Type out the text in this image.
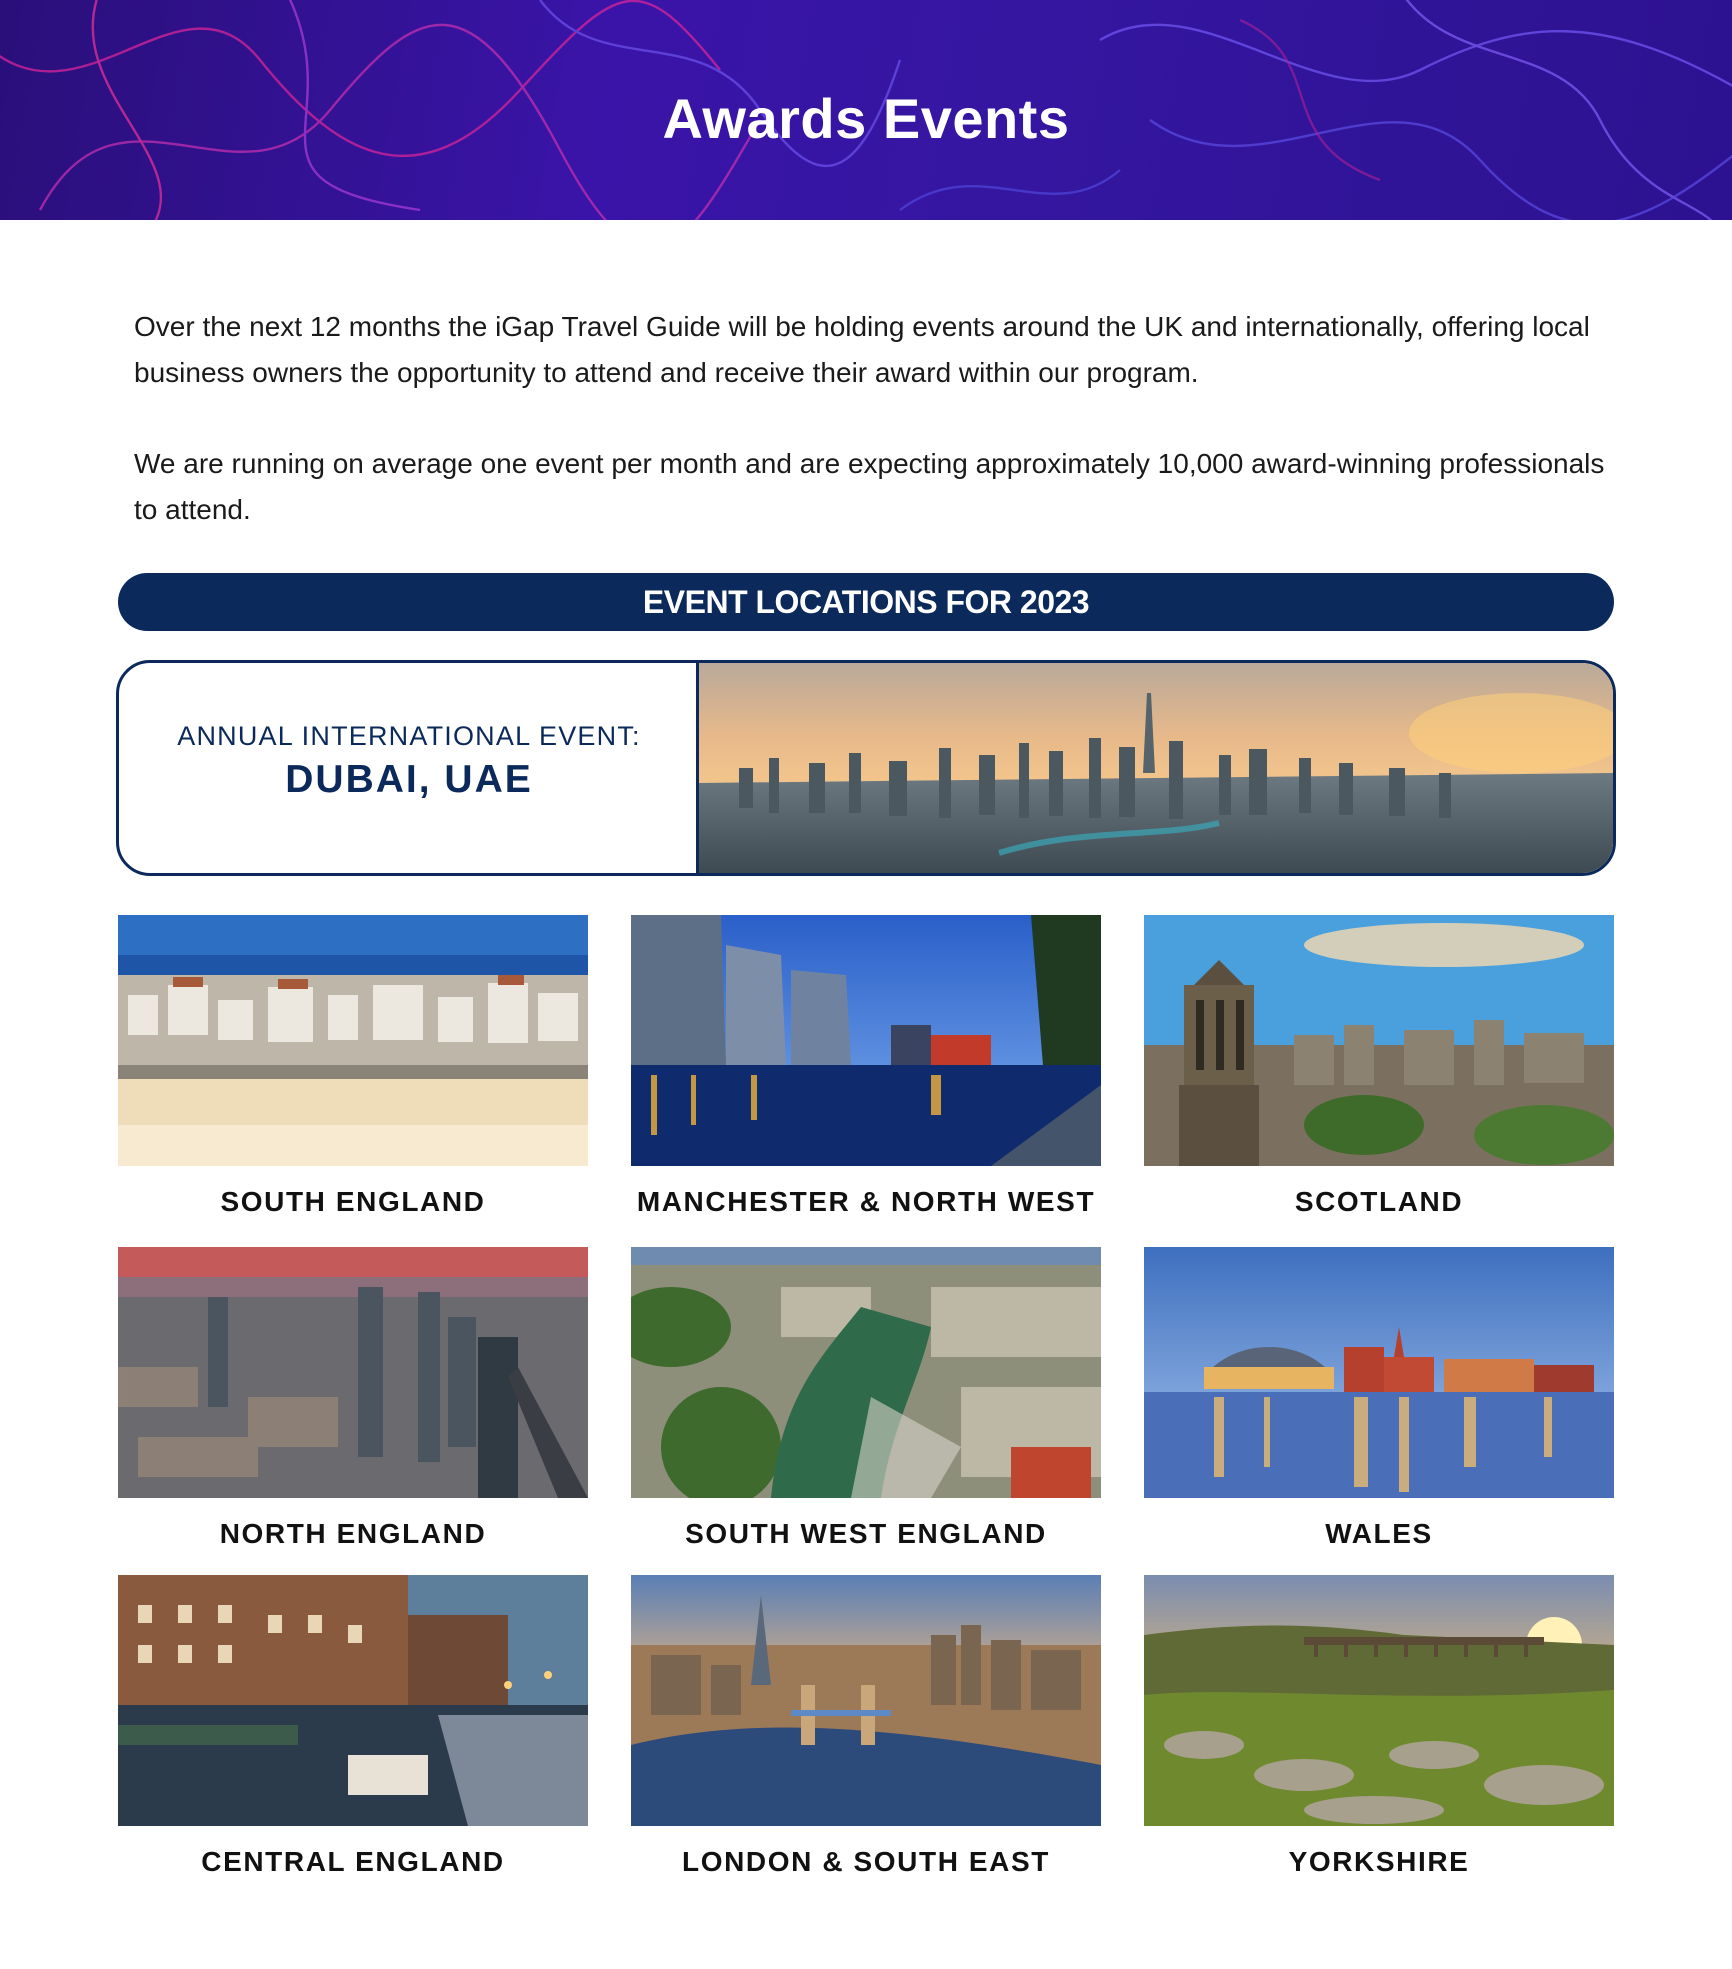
Awards Events

Over the next 12 months the iGap Travel Guide will be holding events around the UK and internationally, offering local business owners the opportunity to attend and receive their award within our program.

We are running on average one event per month and are expecting approximately 10,000 award-winning professionals to attend.

EVENT LOCATIONS FOR 2023
ANNUAL INTERNATIONAL EVENT:
DUBAI, UAE
SOUTH ENGLAND	MANCHESTER & NORTH WEST	SCOTLAND
NORTH ENGLAND	SOUTH WEST ENGLAND	WALES
CENTRAL ENGLAND	LONDON & SOUTH EAST	YORKSHIRE
